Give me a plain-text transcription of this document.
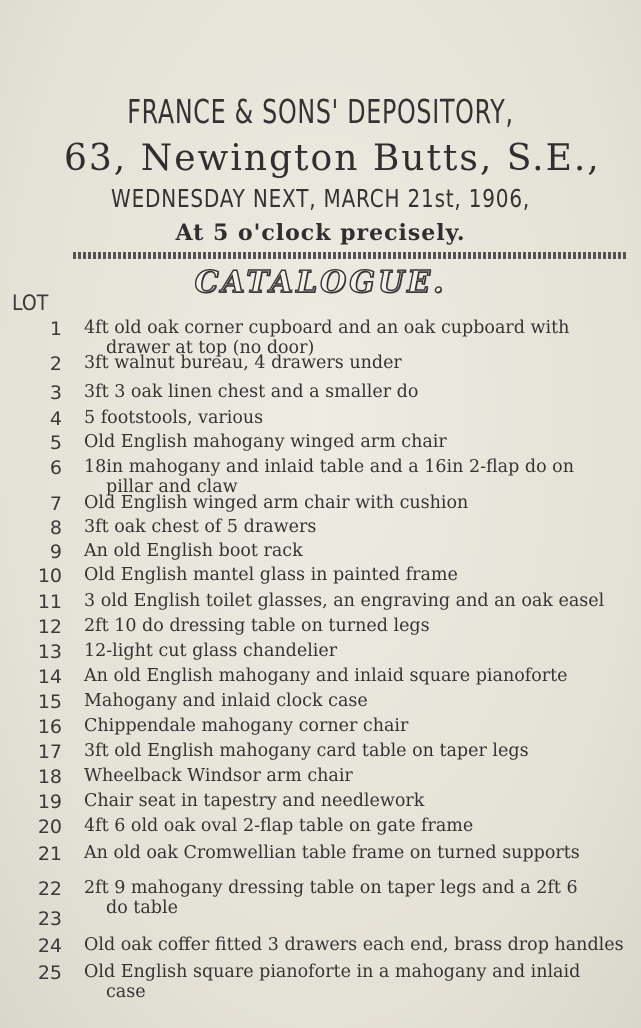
FRANCE & SONS' DEPOSITORY,
63, Newington Butts, S.E.,
WEDNESDAY NEXT, MARCH 21st, 1906,
At 5 o'clock precisely.
CATALOGUE.
LOT
1 4ft old oak corner cupboard and an oak cupboard with
drawer at top (no door)
2 3ft walnut bureau, 4 drawers under
3 3ft 3 oak linen chest and a smaller do
4 5 footstools, various
5 Old English mahogany winged arm chair
6 18in mahogany and inlaid table and a 16in 2-flap do on
pillar and claw
7 Old English winged arm chair with cushion
8 3ft oak chest of 5 drawers
9 An old English boot rack
10 Old English mantel glass in painted frame
11 3 old English toilet glasses, an engraving and an oak easel
12 2ft 10 do dressing table on turned legs
13 12-light cut glass chandelier
14 An old English mahogany and inlaid square pianoforte
15 Mahogany and inlaid clock case
16 Chippendale mahogany corner chair
17 3ft old English mahogany card table on taper legs
18 Wheelback Windsor arm chair
19 Chair seat in tapestry and needlework
20 4ft 6 old oak oval 2-flap table on gate frame
21 An old oak Cromwellian table frame on turned supports
22 2ft 9 mahogany dressing table on taper legs and a 2ft 6
do table
23
24 Old oak coffer fitted 3 drawers each end, brass drop handles
25 Old English square pianoforte in a mahogany and inlaid
case
